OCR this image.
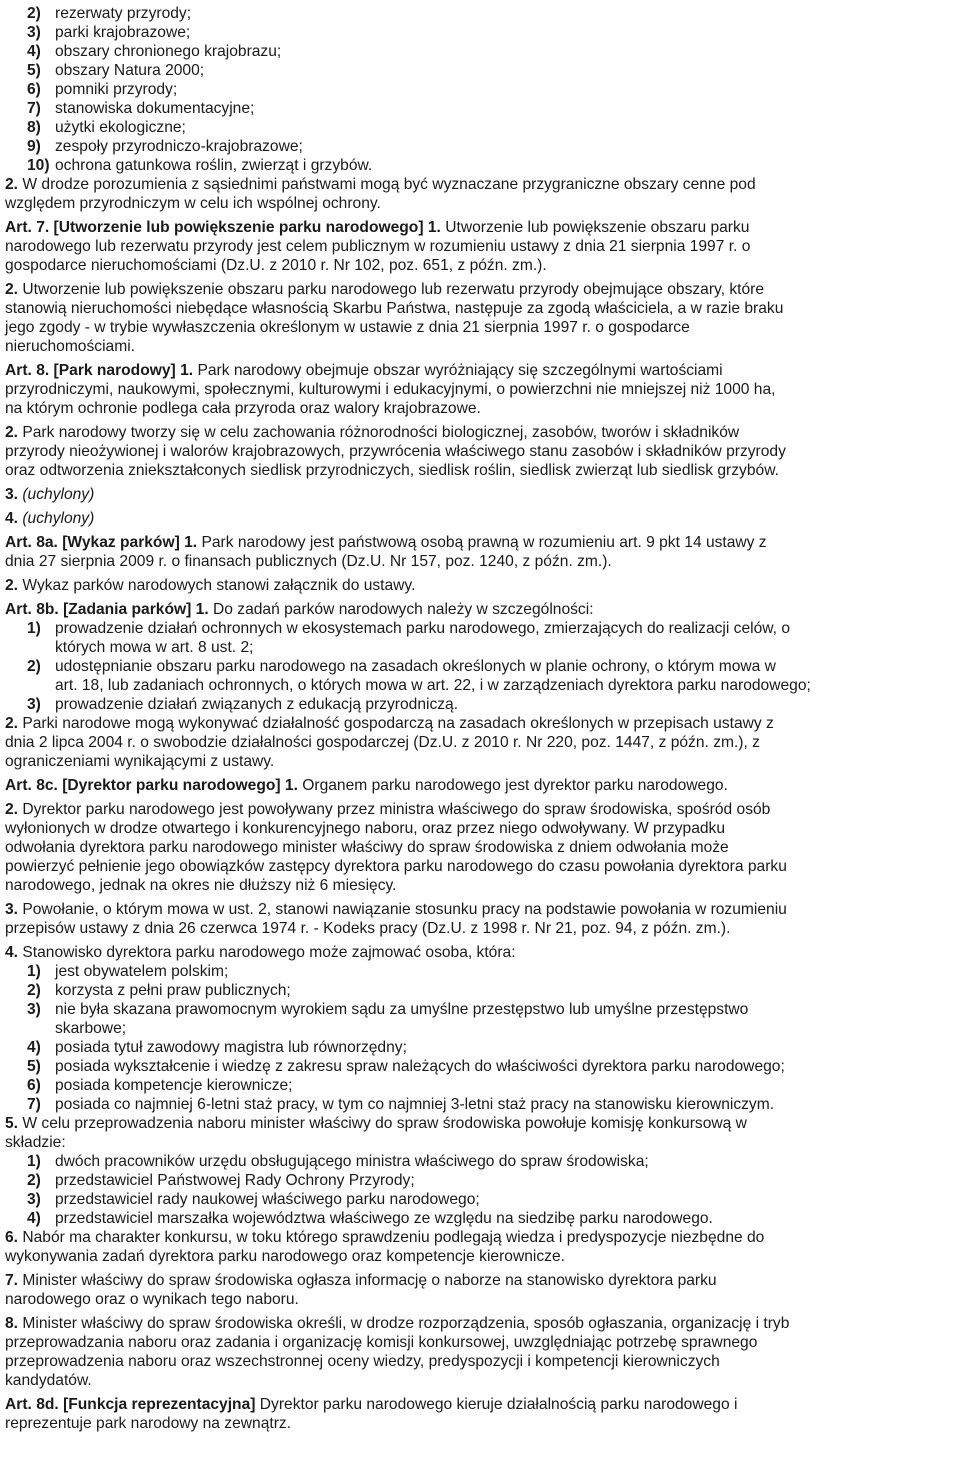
2) rezerwaty przyrody;
3) parki krajobrazowe;
4) obszary chronionego krajobrazu;
5) obszary Natura 2000;
6) pomniki przyrody;
7) stanowiska dokumentacyjne;
8) użytki ekologiczne;
9) zespoły przyrodniczo-krajobrazowe;
10) ochrona gatunkowa roślin, zwierząt i grzybów.
2. W drodze porozumienia z sąsiednimi państwami mogą być wyznaczane przygraniczne obszary cenne pod
względem przyrodniczym w celu ich wspólnej ochrony.
Art. 7. [Utworzenie lub powiększenie parku narodowego] 1. Utworzenie lub powiększenie obszaru parku
narodowego lub rezerwatu przyrody jest celem publicznym w rozumieniu ustawy z dnia 21 sierpnia 1997 r. o
gospodarce nieruchomościami (Dz.U. z 2010 r. Nr 102, poz. 651, z późn. zm.).
2. Utworzenie lub powiększenie obszaru parku narodowego lub rezerwatu przyrody obejmujące obszary, które
stanowią nieruchomości niebędące własnością Skarbu Państwa, następuje za zgodą właściciela, a w razie braku
jego zgody - w trybie wywłaszczenia określonym w ustawie z dnia 21 sierpnia 1997 r. o gospodarce
nieruchomościami.
Art. 8. [Park narodowy] 1. Park narodowy obejmuje obszar wyróżniający się szczególnymi wartościami
przyrodniczymi, naukowymi, społecznymi, kulturowymi i edukacyjnymi, o powierzchni nie mniejszej niż 1000 ha,
na którym ochronie podlega cała przyroda oraz walory krajobrazowe.
2. Park narodowy tworzy się w celu zachowania różnorodności biologicznej, zasobów, tworów i składników
przyrody nieożywionej i walorów krajobrazowych, przywrócenia właściwego stanu zasobów i składników przyrody
oraz odtworzenia zniekształconych siedlisk przyrodniczych, siedlisk roślin, siedlisk zwierząt lub siedlisk grzybów.
3. (uchylony)
4. (uchylony)
Art. 8a. [Wykaz parków] 1. Park narodowy jest państwową osobą prawną w rozumieniu art. 9 pkt 14 ustawy z
dnia 27 sierpnia 2009 r. o finansach publicznych (Dz.U. Nr 157, poz. 1240, z późn. zm.).
2. Wykaz parków narodowych stanowi załącznik do ustawy.
Art. 8b. [Zadania parków] 1. Do zadań parków narodowych należy w szczególności:
1) prowadzenie działań ochronnych w ekosystemach parku narodowego, zmierzających do realizacji celów, o
których mowa w art. 8 ust. 2;
2) udostępnianie obszaru parku narodowego na zasadach określonych w planie ochrony, o którym mowa w
art. 18, lub zadaniach ochronnych, o których mowa w art. 22, i w zarządzeniach dyrektora parku narodowego;
3) prowadzenie działań związanych z edukacją przyrodniczą.
2. Parki narodowe mogą wykonywać działalność gospodarczą na zasadach określonych w przepisach ustawy z
dnia 2 lipca 2004 r. o swobodzie działalności gospodarczej (Dz.U. z 2010 r. Nr 220, poz. 1447, z późn. zm.), z
ograniczeniami wynikającymi z ustawy.
Art. 8c. [Dyrektor parku narodowego] 1. Organem parku narodowego jest dyrektor parku narodowego.
2. Dyrektor parku narodowego jest powoływany przez ministra właściwego do spraw środowiska, spośród osób
wyłonionych w drodze otwartego i konkurencyjnego naboru, oraz przez niego odwoływany. W przypadku
odwołania dyrektora parku narodowego minister właściwy do spraw środowiska z dniem odwołania może
powierzyć pełnienie jego obowiązków zastępcy dyrektora parku narodowego do czasu powołania dyrektora parku
narodowego, jednak na okres nie dłuższy niż 6 miesięcy.
3. Powołanie, o którym mowa w ust. 2, stanowi nawiązanie stosunku pracy na podstawie powołania w rozumieniu
przepisów ustawy z dnia 26 czerwca 1974 r. - Kodeks pracy (Dz.U. z 1998 r. Nr 21, poz. 94, z późn. zm.).
4. Stanowisko dyrektora parku narodowego może zajmować osoba, która:
1) jest obywatelem polskim;
2) korzysta z pełni praw publicznych;
3) nie była skazana prawomocnym wyrokiem sądu za umyślne przestępstwo lub umyślne przestępstwo
skarbowe;
4) posiada tytuł zawodowy magistra lub równorzędny;
5) posiada wykształcenie i wiedzę z zakresu spraw należących do właściwości dyrektora parku narodowego;
6) posiada kompetencje kierownicze;
7) posiada co najmniej 6-letni staż pracy, w tym co najmniej 3-letni staż pracy na stanowisku kierowniczym.
5. W celu przeprowadzenia naboru minister właściwy do spraw środowiska powołuje komisję konkursową w
składzie:
1) dwóch pracowników urzędu obsługującego ministra właściwego do spraw środowiska;
2) przedstawiciel Państwowej Rady Ochrony Przyrody;
3) przedstawiciel rady naukowej właściwego parku narodowego;
4) przedstawiciel marszałka województwa właściwego ze względu na siedzibę parku narodowego.
6. Nabór ma charakter konkursu, w toku którego sprawdzeniu podlegają wiedza i predyspozycje niezbędne do
wykonywania zadań dyrektora parku narodowego oraz kompetencje kierownicze.
7. Minister właściwy do spraw środowiska ogłasza informację o naborze na stanowisko dyrektora parku
narodowego oraz o wynikach tego naboru.
8. Minister właściwy do spraw środowiska określi, w drodze rozporządzenia, sposób ogłaszania, organizację i tryb
przeprowadzania naboru oraz zadania i organizację komisji konkursowej, uwzględniając potrzebę sprawnego
przeprowadzenia naboru oraz wszechstronnej oceny wiedzy, predyspozycji i kompetencji kierowniczych
kandydatów.
Art. 8d. [Funkcja reprezentacyjna] Dyrektor parku narodowego kieruje działalnością parku narodowego i
reprezentuje park narodowy na zewnątrz.
